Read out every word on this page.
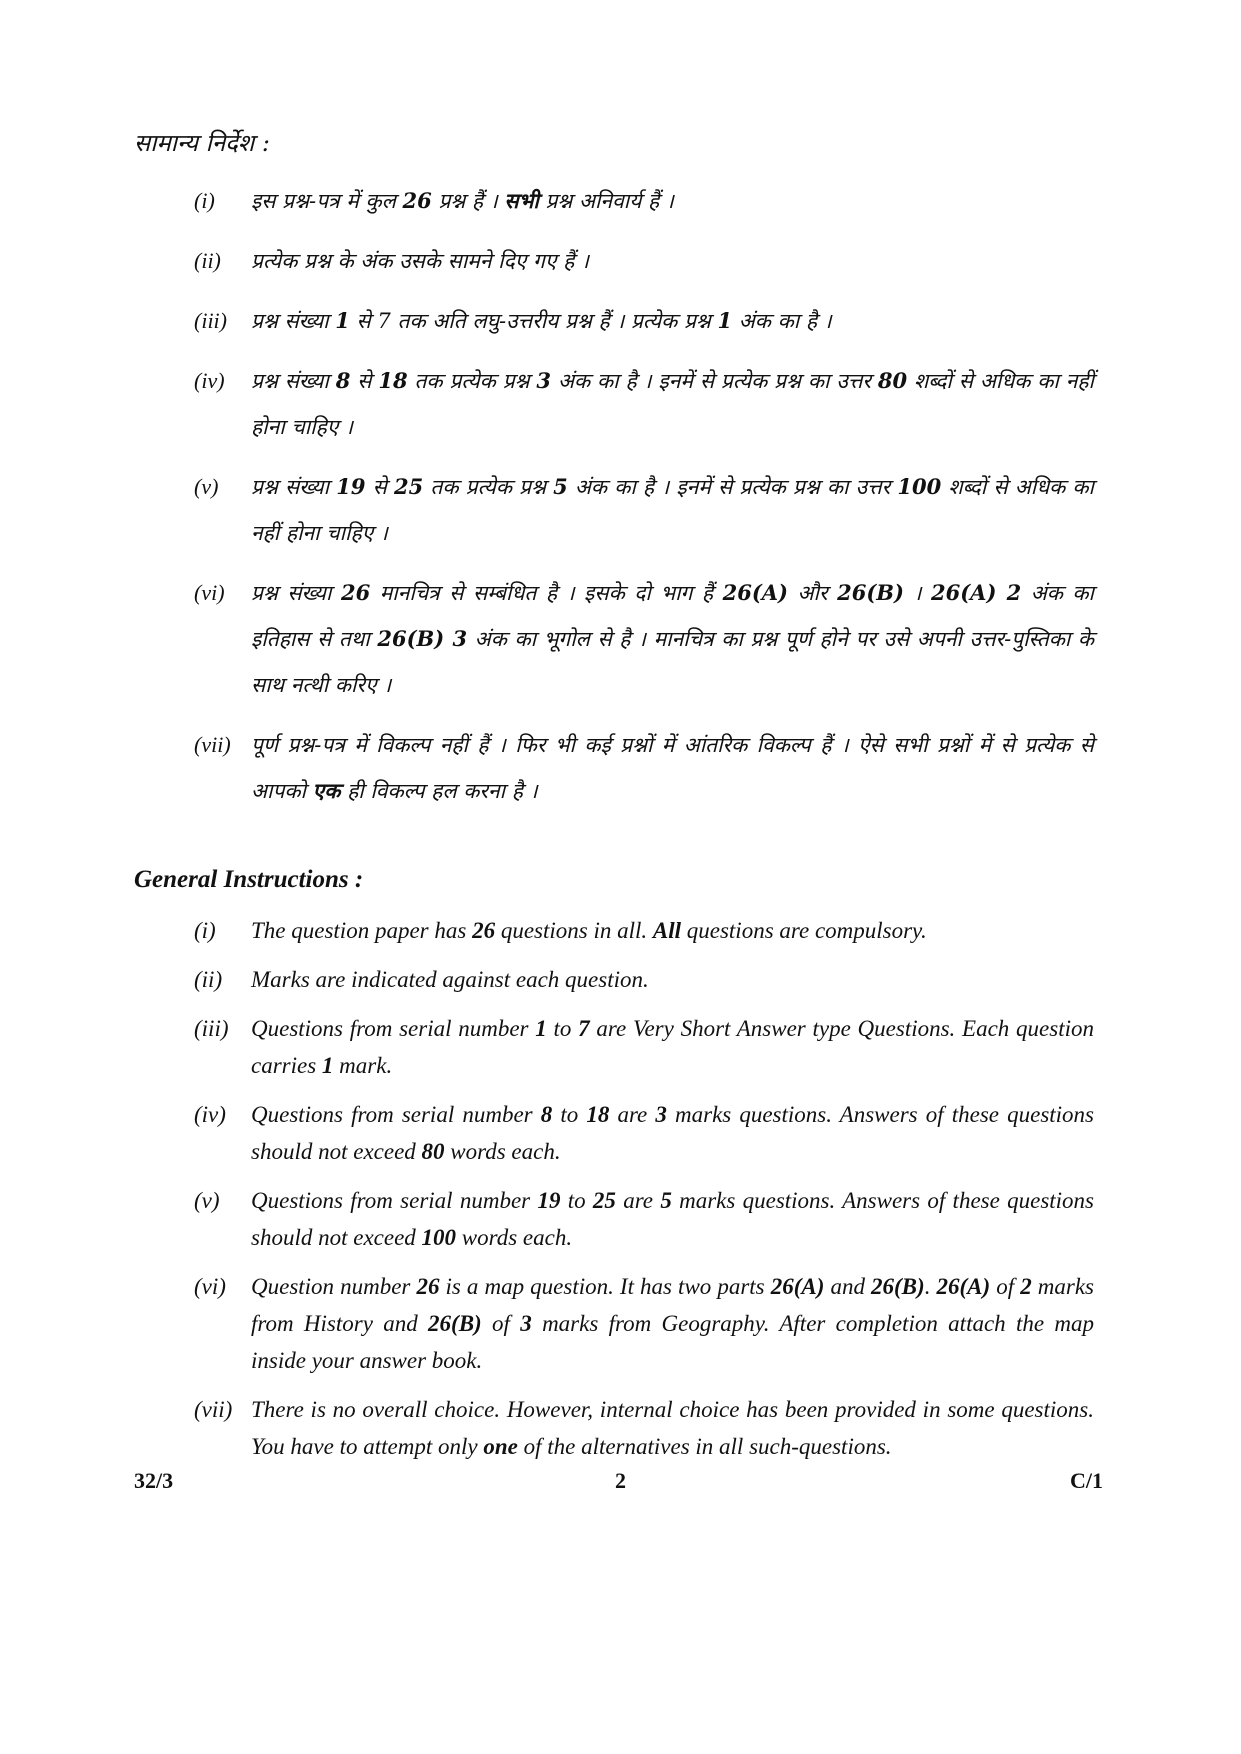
सामान्य निर्देश :
(i)	इस प्रश्न-पत्र में कुल 26 प्रश्न हैं । सभी प्रश्न अनिवार्य हैं ।
(ii)	प्रत्येक प्रश्न के अंक उसके सामने दिए गए हैं ।
(iii)	प्रश्न संख्या 1 से 7 तक अति लघु-उत्तरीय प्रश्न हैं । प्रत्येक प्रश्न 1 अंक का है ।
(iv)	प्रश्न संख्या 8 से 18 तक प्रत्येक प्रश्न 3 अंक का है । इनमें से प्रत्येक प्रश्न का उत्तर 80 शब्दों से अधिक का नहीं होना चाहिए ।
(v)	प्रश्न संख्या 19 से 25 तक प्रत्येक प्रश्न 5 अंक का है । इनमें से प्रत्येक प्रश्न का उत्तर 100 शब्दों से अधिक का नहीं होना चाहिए ।
(vi)	प्रश्न संख्या 26 मानचित्र से सम्बंधित है । इसके दो भाग हैं 26(A) और 26(B) । 26(A) 2 अंक का इतिहास से तथा 26(B) 3 अंक का भूगोल से है । मानचित्र का प्रश्न पूर्ण होने पर उसे अपनी उत्तर-पुस्तिका के साथ नत्थी करिए ।
(vii) पूर्ण प्रश्न-पत्र में विकल्प नहीं हैं । फिर भी कई प्रश्नों में आंतरिक विकल्प हैं । ऐसे सभी प्रश्नों में से प्रत्येक से आपको एक ही विकल्प हल करना है ।
General Instructions :
(i)	The question paper has 26 questions in all. All questions are compulsory.
(ii)	Marks are indicated against each question.
(iii) Questions from serial number 1 to 7 are Very Short Answer type Questions. Each question carries 1 mark.
(iv)	Questions from serial number 8 to 18 are 3 marks questions. Answers of these questions should not exceed 80 words each.
(v)	Questions from serial number 19 to 25 are 5 marks questions. Answers of these questions should not exceed 100 words each.
(vi)	Question number 26 is a map question. It has two parts 26(A) and 26(B). 26(A) of 2 marks from History and 26(B) of 3 marks from Geography. After completion attach the map inside your answer book.
(vii) There is no overall choice. However, internal choice has been provided in some questions. You have to attempt only one of the alternatives in all such-questions.
32/3	2	C/1
